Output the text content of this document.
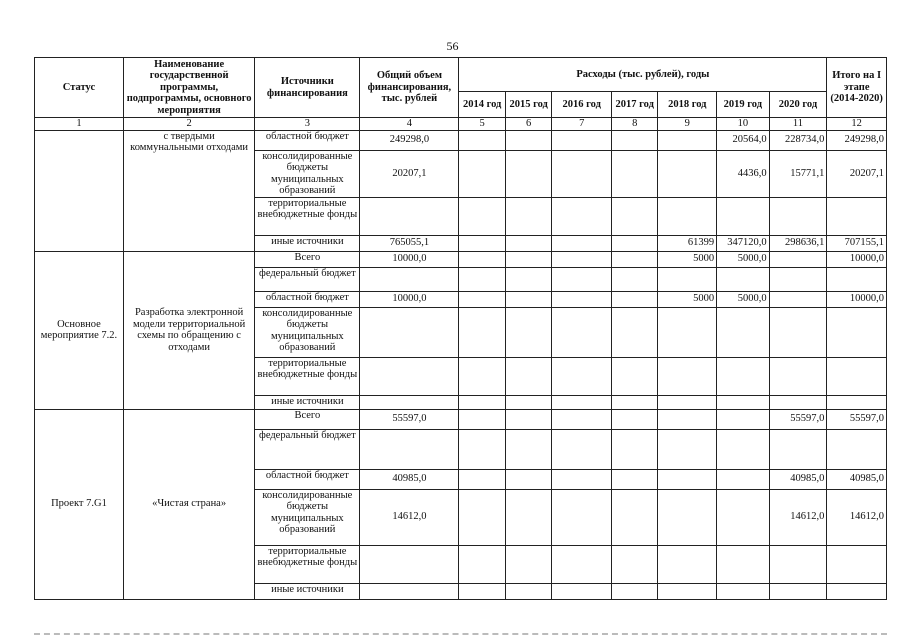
56
Статус	Наименование государственной программы, подпрограммы, основного мероприятия	Источники финансирования	Общий объем финансирования, тыс. рублей	Расходы (тыс. рублей), годы							Итого на I этапе (2014-2020)
				2014 год	2015 год	2016 год	2017 год	2018 год	2019 год	2020 год	
1	2	3	4	5	6	7	8	9	10	11	12
	с твердыми коммунальными отходами	областной бюджет	249298,0						20564,0	228734,0	249298,0
		консолидированные бюджеты муниципальных образований	20207,1						4436,0	15771,1	20207,1
		территориальные внебюджетные фонды									
		иные источники	765055,1					61399	347120,0	298636,1	707155,1
Основное мероприятие 7.2.	Разработка электронной модели территориальной схемы по обращению с отходами	Всего	10000,0					5000	5000,0		10000,0
		федеральный бюджет									
		областной бюджет	10000,0					5000	5000,0		10000,0
		консолидированные бюджеты муниципальных образований									
		территориальные внебюджетные фонды									
		иные источники									
Проект 7.G1	«Чистая страна»	Всего	55597,0							55597,0	55597,0
		федеральный бюджет									
		областной бюджет	40985,0							40985,0	40985,0
		консолидированные бюджеты муниципальных образований	14612,0							14612,0	14612,0
		территориальные внебюджетные фонды									
		иные источники									
